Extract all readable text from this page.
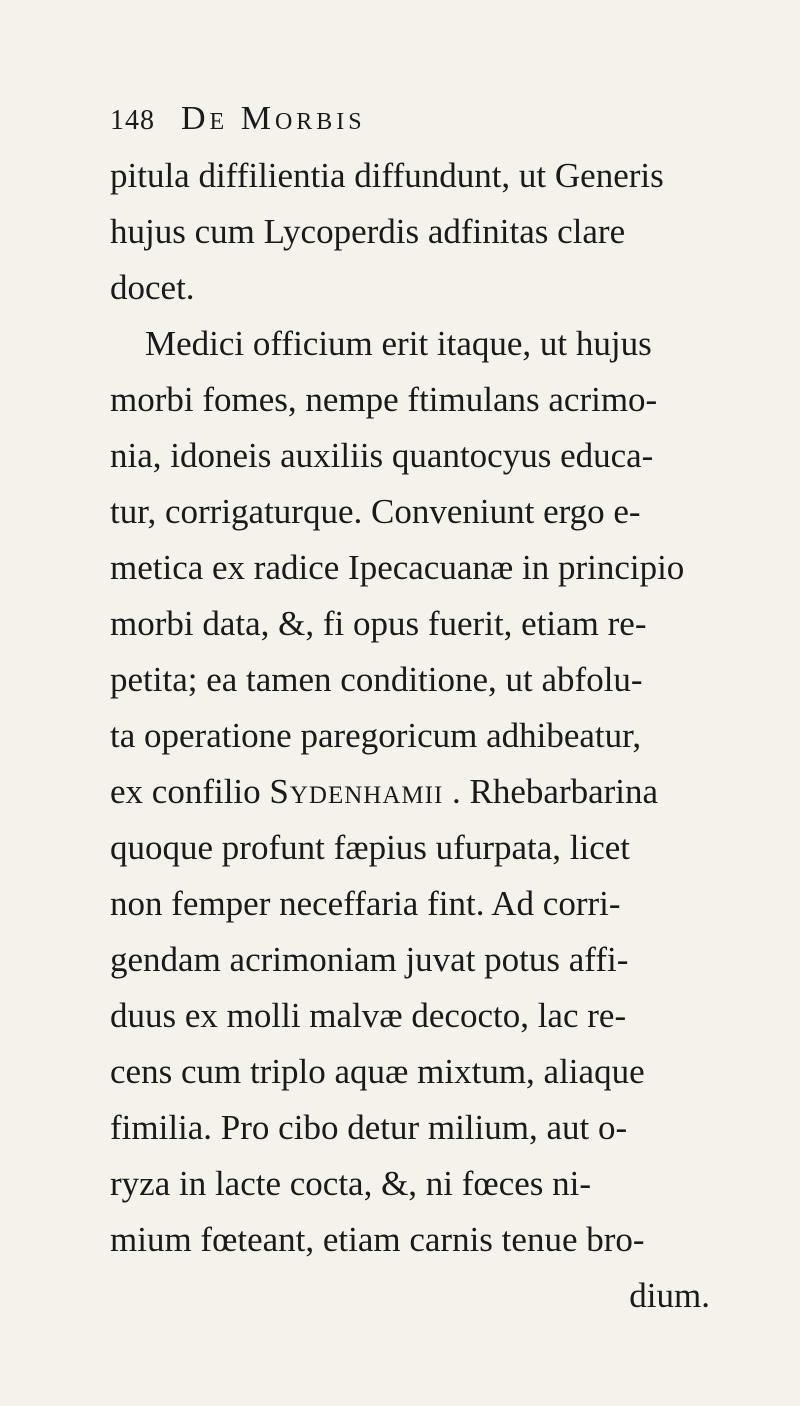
148 De Morbis
pitula diffilientia diffundunt, ut Generis
hujus cum Lycoperdis adfinitas clare
docet.
Medici officium erit itaque, ut hujus
morbi fomes, nempe ftimulans acrimo-
nia, idoneis auxiliis quantocyus educa-
tur, corrigaturque. Conveniunt ergo e-
metica ex radice Ipecacuanæ in principio
morbi data, &, fi opus fuerit, etiam re-
petita; ea tamen conditione, ut abfolu-
ta operatione paregoricum adhibeatur,
ex confilio Sydenhamii . Rhebarbarina
quoque profunt fæpius ufurpata, licet
non femper neceffaria fint. Ad corri-
gendam acrimoniam juvat potus affi-
duus ex molli malvæ decocto, lac re-
cens cum triplo aquæ mixtum, aliaque
fimilia. Pro cibo detur milium, aut o-
ryza in lacte cocta, &, ni fœces ni-
mium fœteant, etiam carnis tenue bro-
dium.
